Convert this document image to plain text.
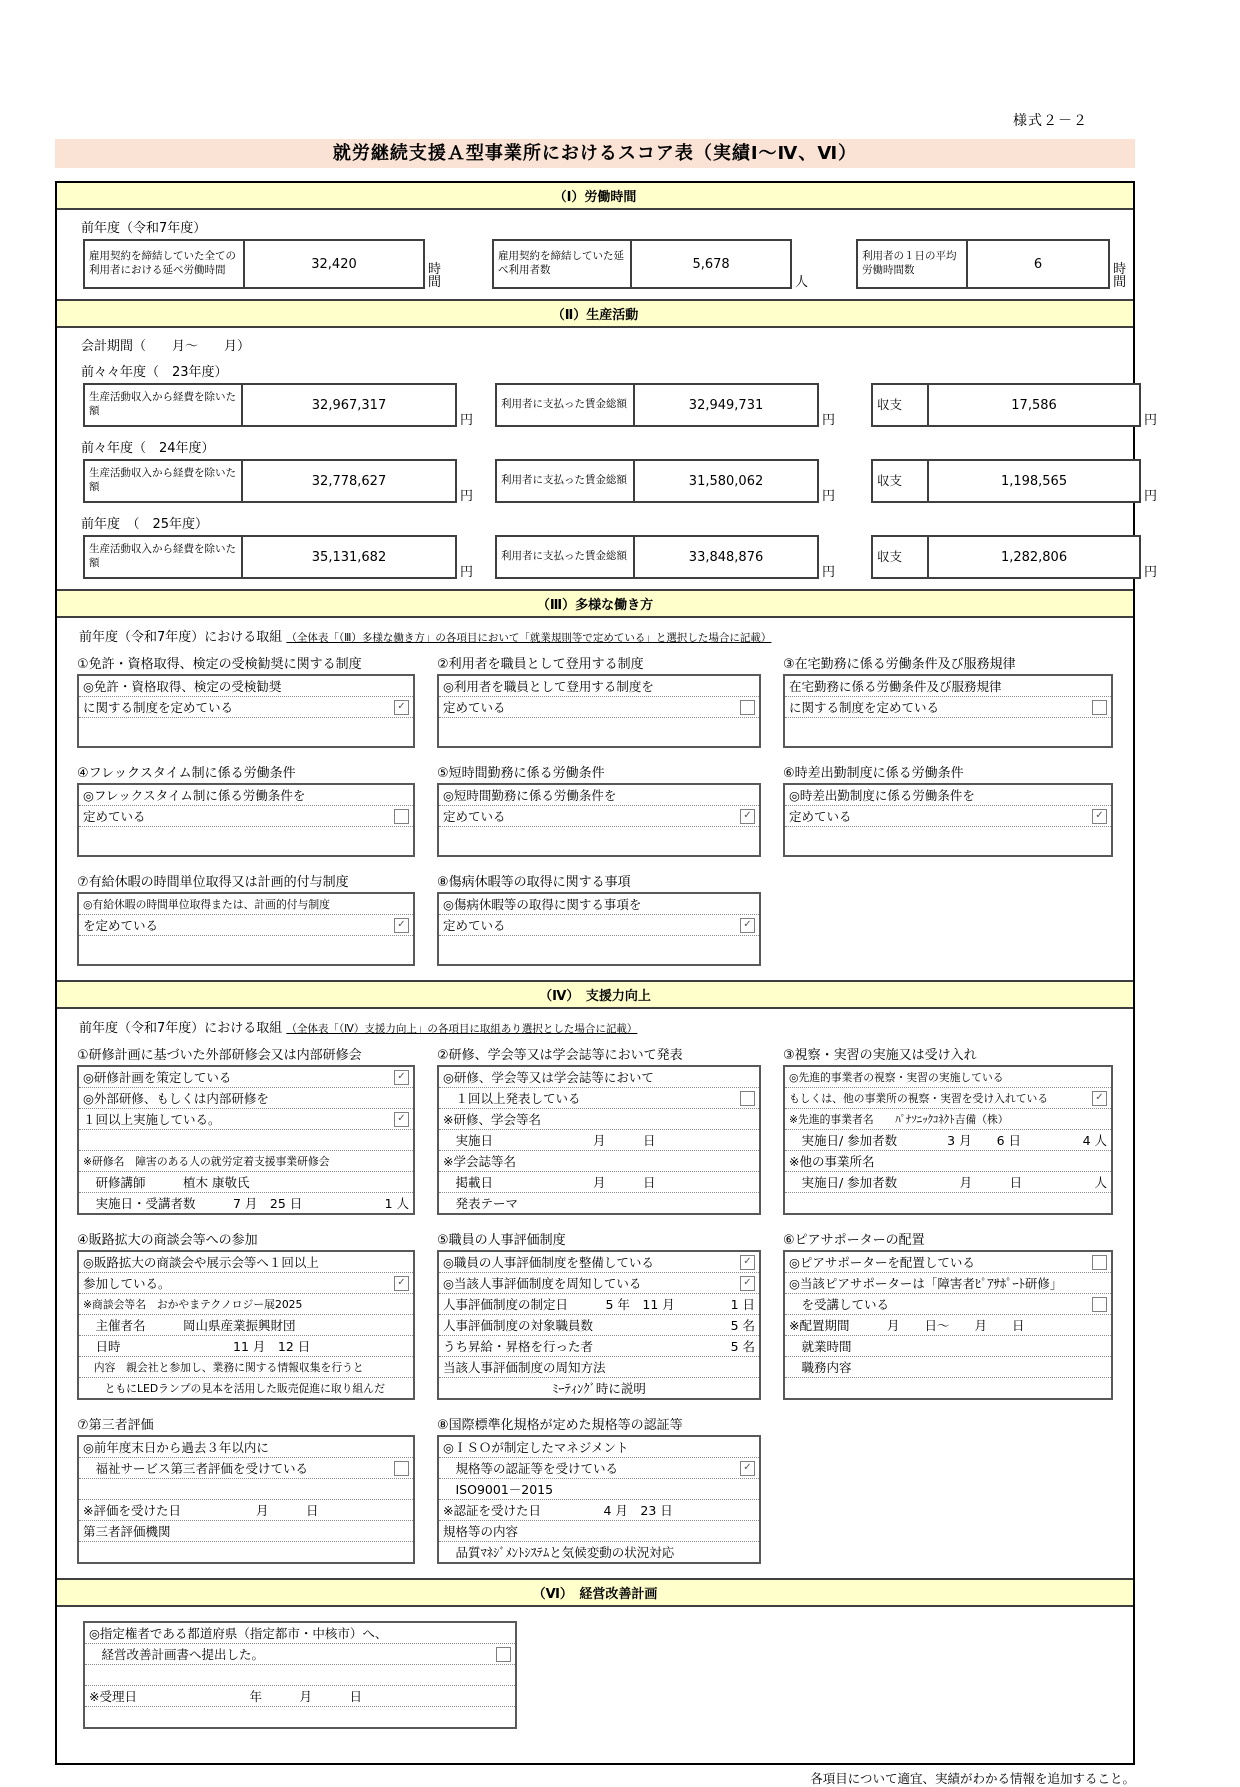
様式２－２
就労継続支援Ａ型事業所におけるスコア表（実績Ⅰ～Ⅳ、Ⅵ）
（Ⅰ）労働時間
前年度（令和7年度）
雇用契約を締結していた全ての利用者における延べ労働時間	32,420	時間
雇用契約を締結していた延べ利用者数	5,678
人
利用者の１日の平均労働時間数	6	時間
（Ⅱ）生産活動
会計期間（　　月～　　月）
前々々年度（　23年度）
生産活動収入から経費を除いた額	32,967,317
円
利用者に支払った賃金総額	32,949,731
円
収支	17,586
円
前々年度（　24年度）
生産活動収入から経費を除いた額	32,778,627
円
利用者に支払った賃金総額	31,580,062
円
収支	1,198,565
円
前年度　（　25年度）
生産活動収入から経費を除いた額	35,131,682
円
利用者に支払った賃金総額	33,848,876
円
収支	1,282,806
円
（Ⅲ）多様な働き方
前年度（令和7年度）における取組 （全体表「（Ⅲ）多様な働き方」の各項目において「就業規則等で定めている」と選択した場合に記載）
①免許・資格取得、検定の受検勧奨に関する制度
◎免許・資格取得、検定の受検勧奨
に関する制度を定めている	✓
②利用者を職員として登用する制度
◎利用者を職員として登用する制度を
定めている
③在宅勤務に係る労働条件及び服務規律
在宅勤務に係る労働条件及び服務規律
に関する制度を定めている
④フレックスタイム制に係る労働条件
◎フレックスタイム制に係る労働条件を
定めている
⑤短時間勤務に係る労働条件
◎短時間勤務に係る労働条件を
定めている	✓
⑥時差出勤制度に係る労働条件
◎時差出勤制度に係る労働条件を
定めている	✓
⑦有給休暇の時間単位取得又は計画的付与制度
◎有給休暇の時間単位取得または、計画的付与制度
を定めている	✓
⑧傷病休暇等の取得に関する事項
◎傷病休暇等の取得に関する事項を
定めている	✓
（Ⅳ）　支援力向上
前年度（令和7年度）における取組 （全体表「（Ⅳ）支援力向上」の各項目に取組あり選択とした場合に記載）
①研修計画に基づいた外部研修会又は内部研修会
◎研修計画を策定している	✓
◎外部研修、もしくは内部研修を
１回以上実施している。	✓
※研修名　障害のある人の就労定着支援事業研修会
　研修講師　　　植木 康敬氏
　実施日・受講者数　　　7 月　25 日	1 人
②研修、学会等又は学会誌等において発表
◎研修、学会等又は学会誌等において
　１回以上発表している
※研修、学会等名
　実施日　　　　　　　　月　　　日
※学会誌等名
　掲載日　　　　　　　　月　　　日
　発表テーマ
③視察・実習の実施又は受け入れ
◎先進的事業者の視察・実習の実施している
もしくは、他の事業所の視察・実習を受け入れている	✓
※先進的事業者名　　ﾊﾟﾅｿﾆｯｸｺﾈｸﾄ吉備（株）
　実施日/ 参加者数　　　　3 月　　6 日	4 人
※他の事業所名
　実施日/ 参加者数　　　　　月　　　日	人
④販路拡大の商談会等への参加
◎販路拡大の商談会や展示会等へ１回以上
参加している。	✓
※商談会等名　おかやまテクノロジー展2025
　主催者名　　　岡山県産業振興財団
　日時　　　　　　　　　11 月　12 日
　内容　親会社と参加し、業務に関する情報収集を行うと
　　ともにLEDランプの見本を活用した販売促進に取り組んだ
⑤職員の人事評価制度
◎職員の人事評価制度を整備している	✓
◎当該人事評価制度を周知している	✓
人事評価制度の制定日　　　5 年　11 月	1 日
人事評価制度の対象職員数	5 名
うち昇給・昇格を行った者	5 名
当該人事評価制度の周知方法
ﾐｰﾃｨﾝｸﾞ時に説明
⑥ピアサポーターの配置
◎ピアサポーターを配置している
◎当該ピアサポーターは「障害者ﾋﾟｱｻﾎﾟｰﾄ研修」
　を受講している
※配置期間　　　月　　日～　　月　　日
　就業時間
　職務内容
⑦第三者評価
◎前年度末日から過去３年以内に
　福祉サービス第三者評価を受けている
※評価を受けた日　　　　　　月　　　日
第三者評価機関
⑧国際標準化規格が定めた規格等の認証等
◎ＩＳＯが制定したマネジメント
　規格等の認証等を受けている	✓
　ISO9001－2015
※認証を受けた日　　　　　4 月　23 日
規格等の内容
　品質ﾏﾈｼﾞﾒﾝﾄｼｽﾃﾑと気候変動の状況対応
（Ⅵ）　経営改善計画
◎指定権者である都道府県（指定都市・中核市）へ、
　経営改善計画書へ提出した。
※受理日　　　　　　　　　年　　　月　　　日
各項目について適宜、実績がわかる情報を追加すること。
